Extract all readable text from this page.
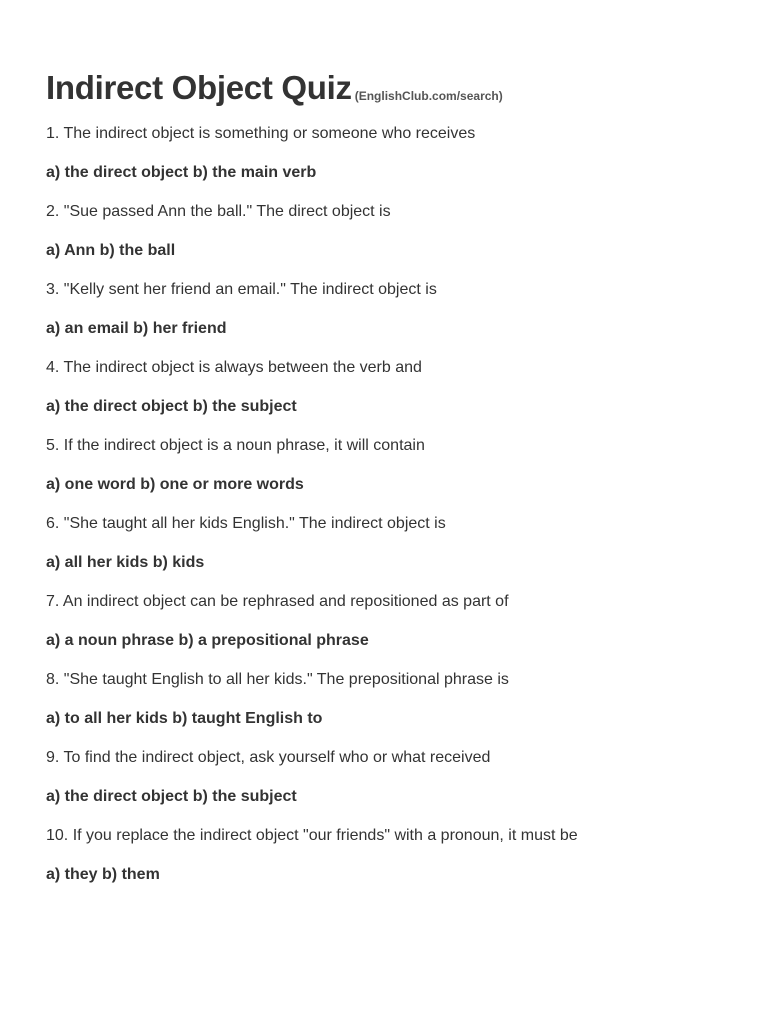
Indirect Object Quiz (EnglishClub.com/search)
1. The indirect object is something or someone who receives
a) the direct object b) the main verb
2. "Sue passed Ann the ball." The direct object is
a) Ann b) the ball
3. "Kelly sent her friend an email." The indirect object is
a) an email b) her friend
4. The indirect object is always between the verb and
a) the direct object b) the subject
5. If the indirect object is a noun phrase, it will contain
a) one word b) one or more words
6. "She taught all her kids English." The indirect object is
a) all her kids b) kids
7. An indirect object can be rephrased and repositioned as part of
a) a noun phrase b) a prepositional phrase
8. "She taught English to all her kids." The prepositional phrase is
a) to all her kids b) taught English to
9. To find the indirect object, ask yourself who or what received
a) the direct object b) the subject
10. If you replace the indirect object "our friends" with a pronoun, it must be
a) they b) them
